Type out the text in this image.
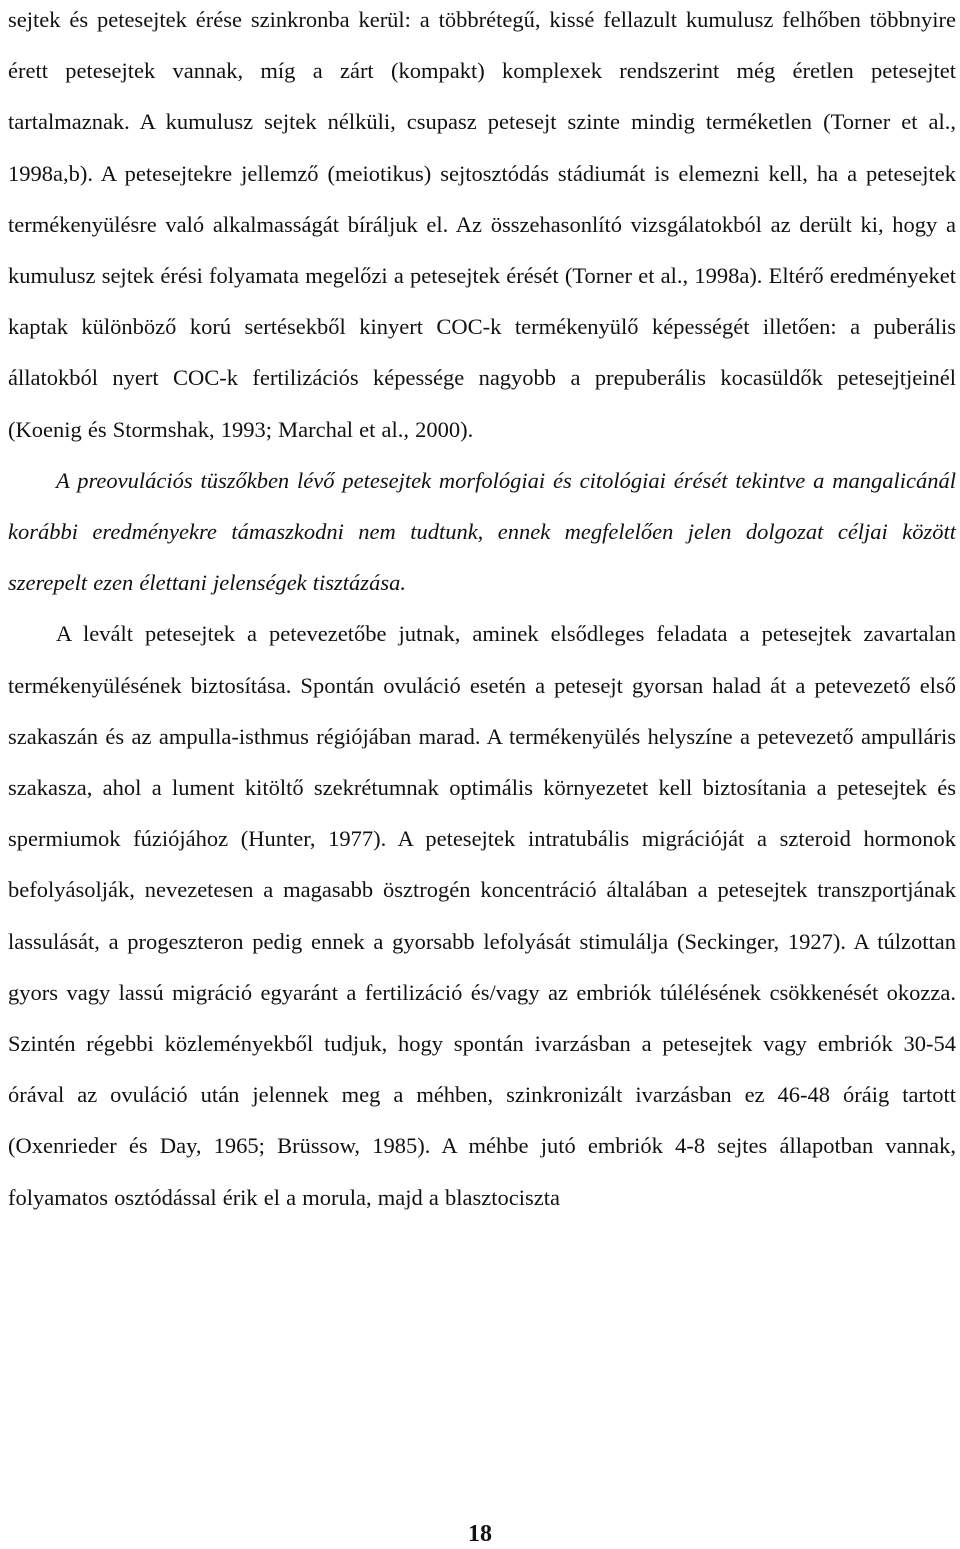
sejtek és petesejtek érése szinkronba kerül: a többrétegű, kissé fellazult kumulusz felhőben többnyire érett petesejtek vannak, míg a zárt (kompakt) komplexek rendszerint még éretlen petesejtet tartalmaznak. A kumulusz sejtek nélküli, csupasz petesejt szinte mindig terméketlen (Torner et al., 1998a,b). A petesejtekre jellemző (meiotikus) sejtosztódás stádiumát is elemezni kell, ha a petesejtek termékenyülésre való alkalmasságát bíráljuk el. Az összehasonlító vizsgálatokból az derült ki, hogy a kumulusz sejtek érési folyamata megelőzi a petesejtek érését (Torner et al., 1998a). Eltérő eredményeket kaptak különböző korú sertésekből kinyert COC-k termékenyülő képességét illetően: a puberális állatokból nyert COC-k fertilizációs képessége nagyobb a prepuberális kocasüldők petesejtjeinél (Koenig és Stormshak, 1993; Marchal et al., 2000).

A preovulációs tüszőkben lévő petesejtek morfológiai és citológiai érését tekintve a mangalicánál korábbi eredményekre támaszkodni nem tudtunk, ennek megfelelően jelen dolgozat céljai között szerepelt ezen élettani jelenségek tisztázása.

A levált petesejtek a petevezetőbe jutnak, aminek elsődleges feladata a petesejtek zavartalan termékenyülésének biztosítása. Spontán ovuláció esetén a petesejt gyorsan halad át a petevezető első szakaszán és az ampulla-isthmus régiójában marad. A termékenyülés helyszíne a petevezető ampulláris szakasza, ahol a lument kitöltő szekrétumnak optimális környezetet kell biztosítania a petesejtek és spermiumok fúziójához (Hunter, 1977). A petesejtek intratubális migrációját a szteroid hormonok befolyásolják, nevezetesen a magasabb ösztrogén koncentráció általában a petesejtek transzportjának lassulását, a progeszteron pedig ennek a gyorsabb lefolyását stimulálja (Seckinger, 1927). A túlzottan gyors vagy lassú migráció egyaránt a fertilizáció és/vagy az embriók túlélésének csökkenését okozza. Szintén régebbi közleményekből tudjuk, hogy spontán ivarzásban a petesejtek vagy embriók 30-54 órával az ovuláció után jelennek meg a méhben, szinkronizált ivarzásban ez 46-48 óráig tartott (Oxenrieder és Day, 1965; Brüssow, 1985). A méhbe jutó embriók 4-8 sejtes állapotban vannak, folyamatos osztódással érik el a morula, majd a blasztociszta

18
